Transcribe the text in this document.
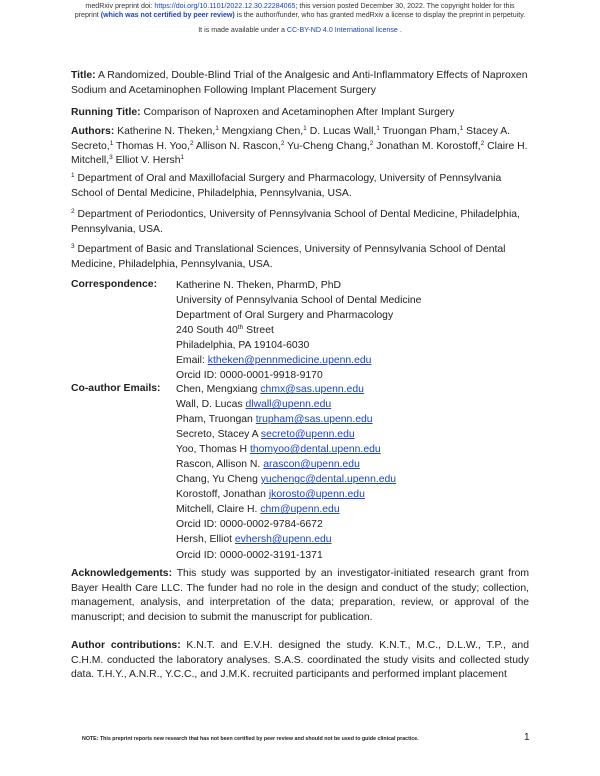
medRxiv preprint doi: https://doi.org/10.1101/2022.12.30.22284065; this version posted December 30, 2022. The copyright holder for this
preprint (which was not certified by peer review) is the author/funder, who has granted medRxiv a license to display the preprint in perpetuity.
It is made available under a CC-BY-ND 4.0 International license .
Title: A Randomized, Double-Blind Trial of the Analgesic and Anti-Inflammatory Effects of Naproxen Sodium and Acetaminophen Following Implant Placement Surgery
Running Title: Comparison of Naproxen and Acetaminophen After Implant Surgery
Authors: Katherine N. Theken,$^1$ Mengxiang Chen,$^1$ D. Lucas Wall,$^1$ Truongan Pham,$^1$ Stacey A. Secreto,$^1$ Thomas H. Yoo,$^2$ Allison N. Rascon,$^2$ Yu-Cheng Chang,$^2$ Jonathan M. Korostoff,$^2$ Claire H. Mitchell,$^3$ Elliot V. Hersh$^1$
$^1$ Department of Oral and Maxillofacial Surgery and Pharmacology, University of Pennsylvania School of Dental Medicine, Philadelphia, Pennsylvania, USA.
$^2$ Department of Periodontics, University of Pennsylvania School of Dental Medicine, Philadelphia, Pennsylvania, USA.
$^3$ Department of Basic and Translational Sciences, University of Pennsylvania School of Dental Medicine, Philadelphia, Pennsylvania, USA.
Correspondence: Katherine N. Theken, PharmD, PhD
University of Pennsylvania School of Dental Medicine
Department of Oral Surgery and Pharmacology
240 South 40th Street
Philadelphia, PA 19104-6030
Email: ktheken@pennmedicine.upenn.edu
Orcid ID: 0000-0001-9918-9170
Co-author Emails: Chen, Mengxiang chmx@sas.upenn.edu
Wall, D. Lucas dlwall@upenn.edu
Pham, Truongan trupham@sas.upenn.edu
Secreto, Stacey A secreto@upenn.edu
Yoo, Thomas H thomyoo@dental.upenn.edu
Rascon, Allison N. arascon@upenn.edu
Chang, Yu Cheng yuchengc@dental.upenn.edu
Korostoff, Jonathan jkorosto@upenn.edu
Mitchell, Claire H. chm@upenn.edu
Orcid ID: 0000-0002-9784-6672
Hersh, Elliot evhersh@upenn.edu
Orcid ID: 0000-0002-3191-1371
Acknowledgements: This study was supported by an investigator-initiated research grant from Bayer Health Care LLC. The funder had no role in the design and conduct of the study; collection, management, analysis, and interpretation of the data; preparation, review, or approval of the manuscript; and decision to submit the manuscript for publication.
Author contributions: K.N.T. and E.V.H. designed the study. K.N.T., M.C., D.L.W., T.P., and C.H.M. conducted the laboratory analyses. S.A.S. coordinated the study visits and collected study data. T.H.Y., A.N.R., Y.C.C., and J.M.K. recruited participants and performed implant placement
NOTE: This preprint reports new research that has not been certified by peer review and should not be used to guide clinical practice.	1
